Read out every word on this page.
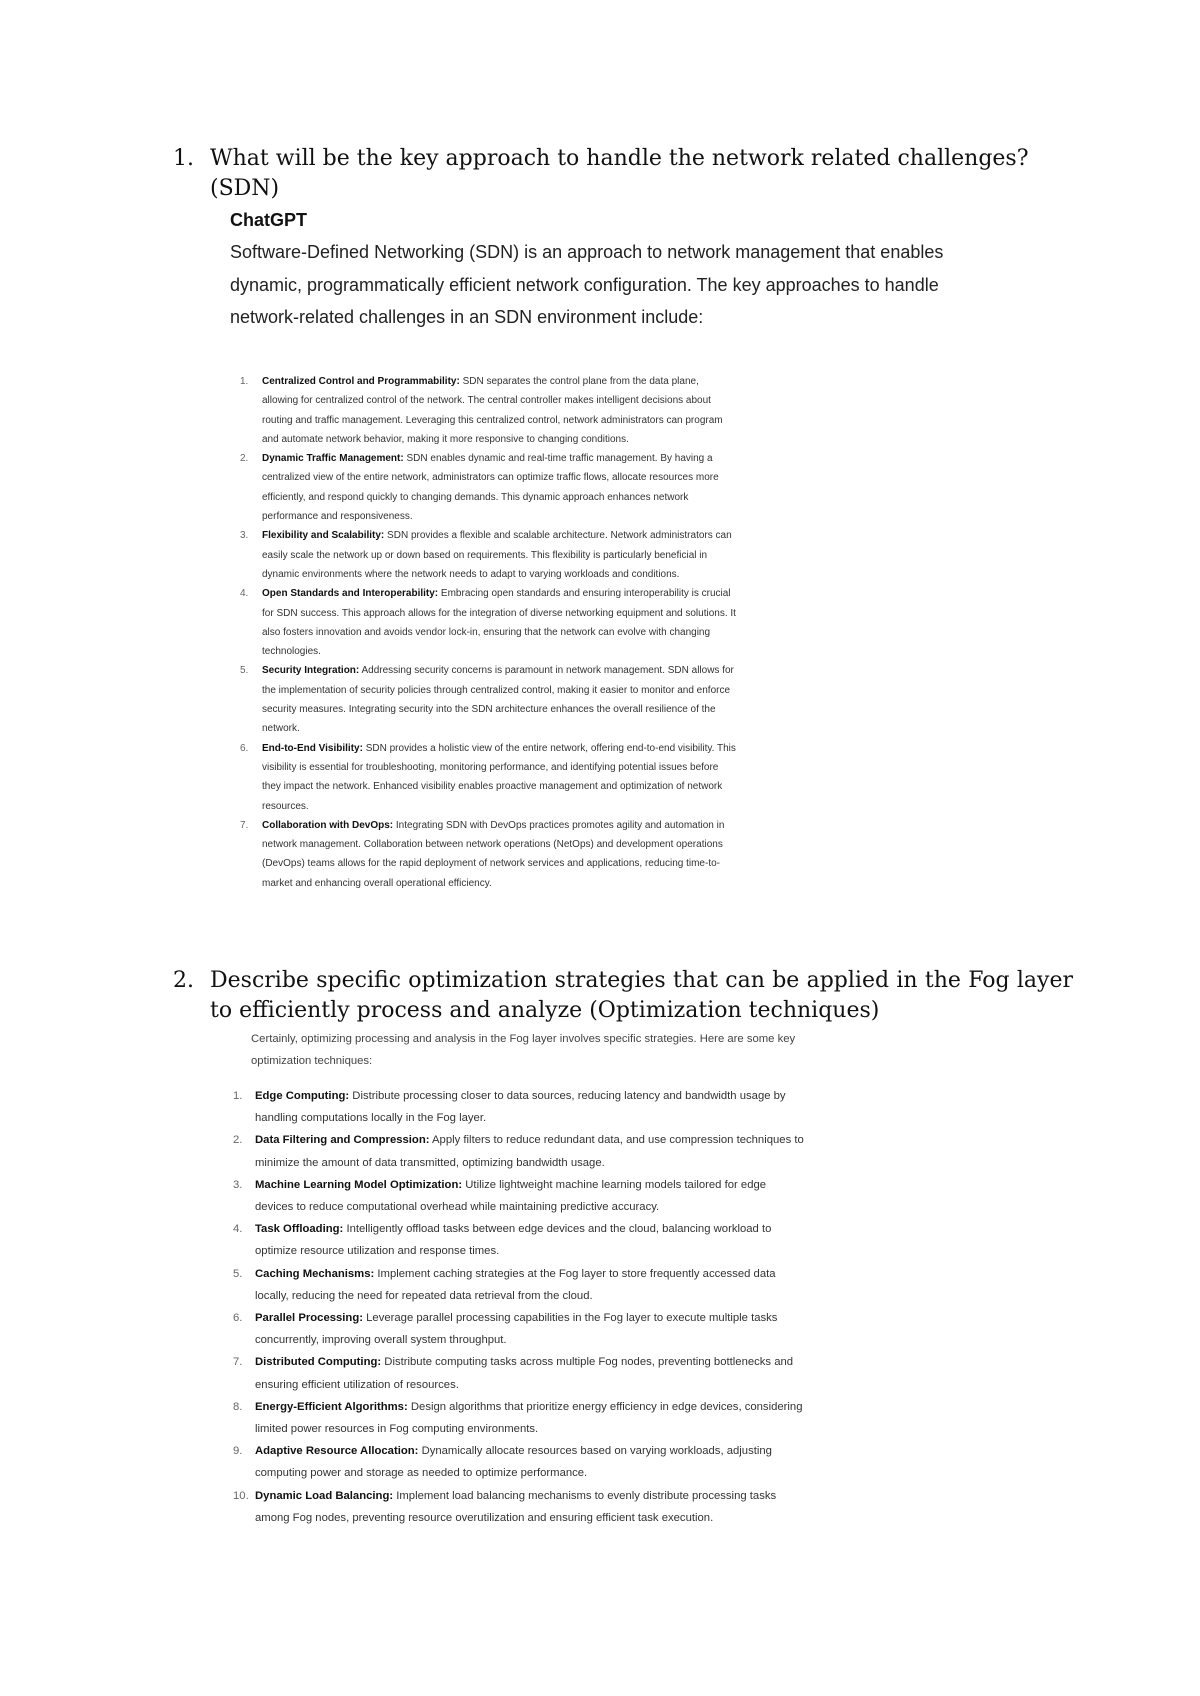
1. What will be the key approach to handle the network related challenges?(SDN)
ChatGPT
Software-Defined Networking (SDN) is an approach to network management that enables dynamic, programmatically efficient network configuration. The key approaches to handle network-related challenges in an SDN environment include:
1. Centralized Control and Programmability: SDN separates the control plane from the data plane, allowing for centralized control of the network. The central controller makes intelligent decisions about routing and traffic management. Leveraging this centralized control, network administrators can program and automate network behavior, making it more responsive to changing conditions.
2. Dynamic Traffic Management: SDN enables dynamic and real-time traffic management. By having a centralized view of the entire network, administrators can optimize traffic flows, allocate resources more efficiently, and respond quickly to changing demands. This dynamic approach enhances network performance and responsiveness.
3. Flexibility and Scalability: SDN provides a flexible and scalable architecture. Network administrators can easily scale the network up or down based on requirements. This flexibility is particularly beneficial in dynamic environments where the network needs to adapt to varying workloads and conditions.
4. Open Standards and Interoperability: Embracing open standards and ensuring interoperability is crucial for SDN success. This approach allows for the integration of diverse networking equipment and solutions. It also fosters innovation and avoids vendor lock-in, ensuring that the network can evolve with changing technologies.
5. Security Integration: Addressing security concerns is paramount in network management. SDN allows for the implementation of security policies through centralized control, making it easier to monitor and enforce security measures. Integrating security into the SDN architecture enhances the overall resilience of the network.
6. End-to-End Visibility: SDN provides a holistic view of the entire network, offering end-to-end visibility. This visibility is essential for troubleshooting, monitoring performance, and identifying potential issues before they impact the network. Enhanced visibility enables proactive management and optimization of network resources.
7. Collaboration with DevOps: Integrating SDN with DevOps practices promotes agility and automation in network management. Collaboration between network operations (NetOps) and development operations (DevOps) teams allows for the rapid deployment of network services and applications, reducing time-to-market and enhancing overall operational efficiency.
2. Describe specific optimization strategies that can be applied in the Fog layer to efficiently process and analyze (Optimization techniques)
Certainly, optimizing processing and analysis in the Fog layer involves specific strategies. Here are some key optimization techniques:
1. Edge Computing: Distribute processing closer to data sources, reducing latency and bandwidth usage by handling computations locally in the Fog layer.
2. Data Filtering and Compression: Apply filters to reduce redundant data, and use compression techniques to minimize the amount of data transmitted, optimizing bandwidth usage.
3. Machine Learning Model Optimization: Utilize lightweight machine learning models tailored for edge devices to reduce computational overhead while maintaining predictive accuracy.
4. Task Offloading: Intelligently offload tasks between edge devices and the cloud, balancing workload to optimize resource utilization and response times.
5. Caching Mechanisms: Implement caching strategies at the Fog layer to store frequently accessed data locally, reducing the need for repeated data retrieval from the cloud.
6. Parallel Processing: Leverage parallel processing capabilities in the Fog layer to execute multiple tasks concurrently, improving overall system throughput.
7. Distributed Computing: Distribute computing tasks across multiple Fog nodes, preventing bottlenecks and ensuring efficient utilization of resources.
8. Energy-Efficient Algorithms: Design algorithms that prioritize energy efficiency in edge devices, considering limited power resources in Fog computing environments.
9. Adaptive Resource Allocation: Dynamically allocate resources based on varying workloads, adjusting computing power and storage as needed to optimize performance.
10. Dynamic Load Balancing: Implement load balancing mechanisms to evenly distribute processing tasks among Fog nodes, preventing resource overutilization and ensuring efficient task execution.
